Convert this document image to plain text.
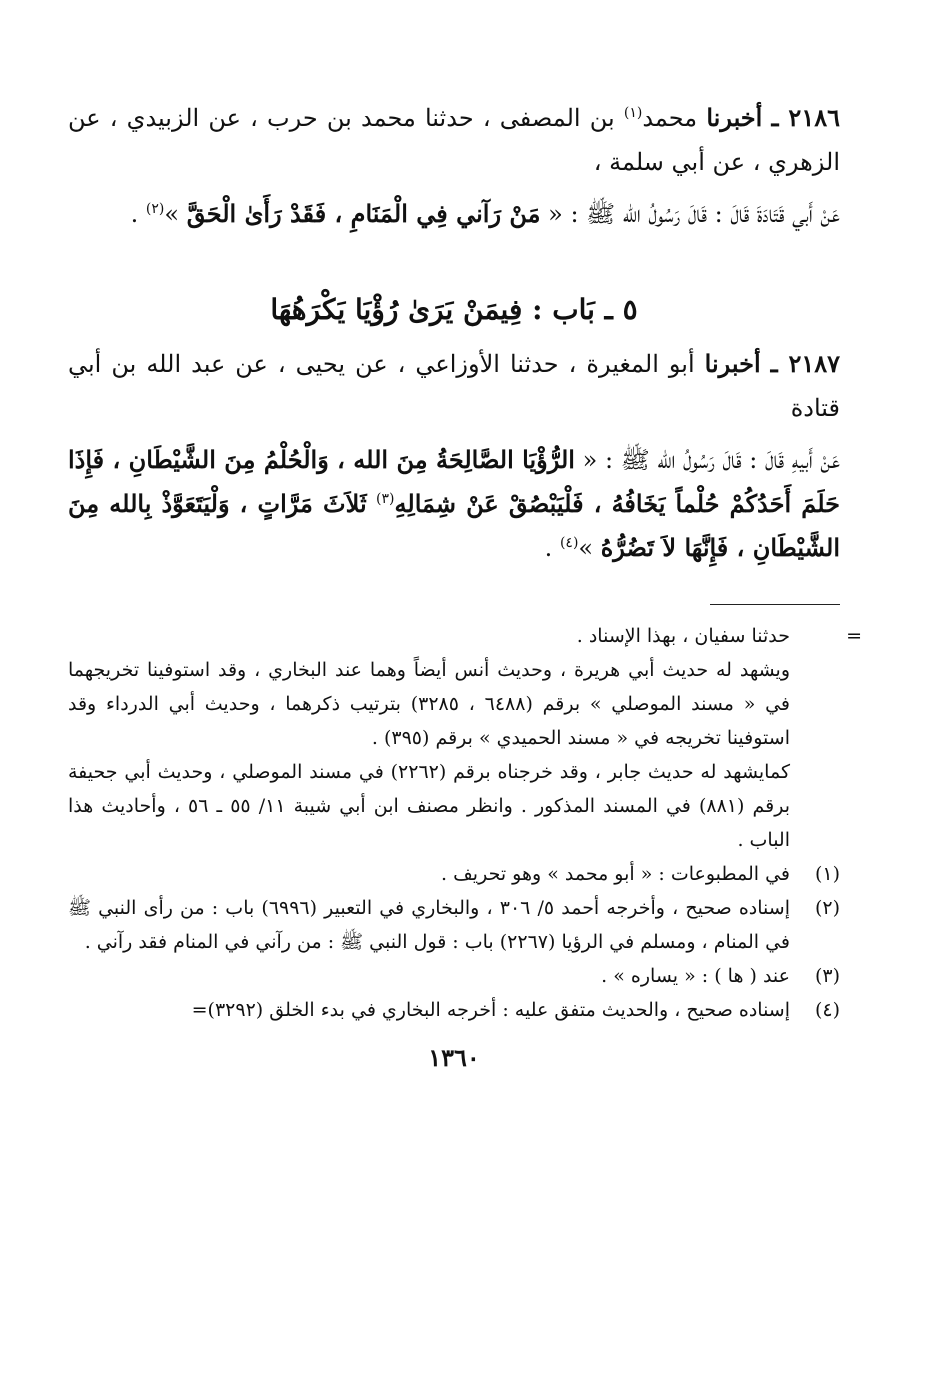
٢١٨٦ ـ أخبرنا محمد$^{(١)}$ بن المصفى ، حدثنا محمد بن حرب ، عن الزبيدي ، عن الزهري ، عن أبي سلمة ،

عَنْ أَبي قَتَادَةَ قَالَ : قَالَ رَسُولُ الله ﷺ : « مَنْ رَآني فِي الْمَنَامِ ، فَقَدْ رَأَىٰ الْحَقَّ »$^{(٢)}$ .

٥ ـ بَاب : فِيمَنْ يَرَىٰ رُؤْيَا يَكْرَهُهَا

٢١٨٧ ـ أخبرنا أبو المغيرة ، حدثنا الأوزاعي ، عن يحيى ، عن عبد الله بن أبي قتادة

عَنْ أَبيهِ قَالَ : قَالَ رَسُولُ الله ﷺ : « الرُّؤْيَا الصَّالِحَةُ مِنَ الله ، وَالْحُلْمُ مِنَ الشَّيْطَانِ ، فَإِذَا حَلَمَ أَحَدُكُمْ حُلْماً يَخَافُهُ ، فَلْيَبْصُقْ عَنْ شِمَالِهِ$^{(٣)}$ ثَلاَثَ مَرَّاتٍ ، وَلْيَتَعَوَّذْ بِالله مِنَ الشَّيْطَانِ ، فَإِنَّهَا لاَ تَضُرُّهُ »$^{(٤)}$ .

=
حدثنا سفيان ، بهذا الإسناد .
ويشهد له حديث أبي هريرة ، وحديث أنس أيضاً وهما عند البخاري ، وقد استوفينا تخريجهما في « مسند الموصلي » برقم (٦٤٨٨ ، ٣٢٨٥) بترتيب ذكرهما ، وحديث أبي الدرداء وقد استوفينا تخريجه في « مسند الحميدي » برقم (٣٩٥) .
كمايشهد له حديث جابر ، وقد خرجناه برقم (٢٢٦٢) في مسند الموصلي ، وحديث أبي جحيفة برقم (٨٨١) في المسند المذكور . وانظر مصنف ابن أبي شيبة ١١/ ٥٥ ـ ٥٦ ، وأحاديث هذا الباب .
(١)
في المطبوعات : « أبو محمد » وهو تحريف .
(٢)
إسناده صحيح ، وأخرجه أحمد ٥/ ٣٠٦ ، والبخاري في التعبير (٦٩٩٦) باب : من رأى النبي ﷺ في المنام ، ومسلم في الرؤيا (٢٢٦٧) باب : قول النبي ﷺ : من رآني في المنام فقد رآني .
(٣)
عند ( ها ) : « يساره » .
(٤)
إسناده صحيح ، والحديث متفق عليه : أخرجه البخاري في بدء الخلق (٣٢٩٢)=
١٣٦٠
